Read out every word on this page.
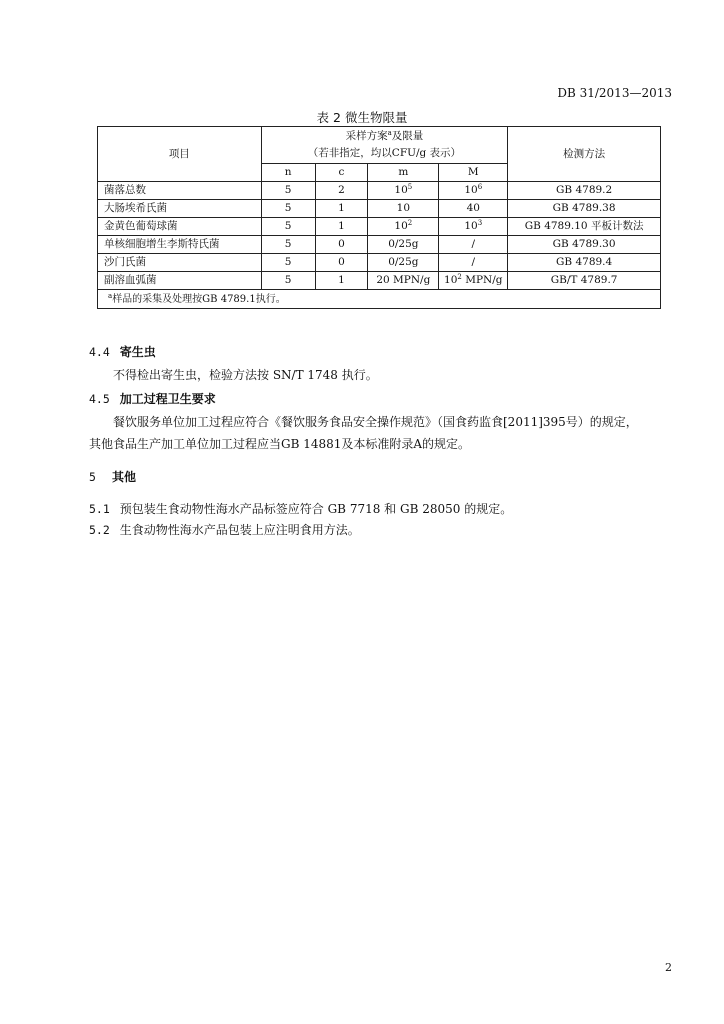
DB 31/2013—2013
表 2 微生物限量
项目	采样方案$^a$及限量
（若非指定，均以CFU/g 表示）				检测方法
	n	c	m	M	
菌落总数	5	2	$10^5$	$10^6$	GB 4789.2
大肠埃希氏菌	5	1	10	40	GB 4789.38
金黄色葡萄球菌	5	1	$10^2$	$10^3$	GB 4789.10 平板计数法
单核细胞增生李斯特氏菌	5	0	0/25g	/	GB 4789.30
沙门氏菌	5	0	0/25g	/	GB 4789.4
副溶血弧菌	5	1	20 MPN/g	$10^2$ MPN/g	GB/T 4789.7
$^a$样品的采集及处理按GB 4789.1执行。					
4.4 寄生虫
不得检出寄生虫，检验方法按 SN/T 1748 执行。
4.5 加工过程卫生要求
餐饮服务单位加工过程应符合《餐饮服务食品安全操作规范》（国食药监食[2011]395号）的规定，
其他食品生产加工单位加工过程应当GB 14881及本标准附录A的规定。
5 其他
5.1 预包装生食动物性海水产品标签应符合 GB 7718 和 GB 28050 的规定。
5.2 生食动物性海水产品包装上应注明食用方法。
2
